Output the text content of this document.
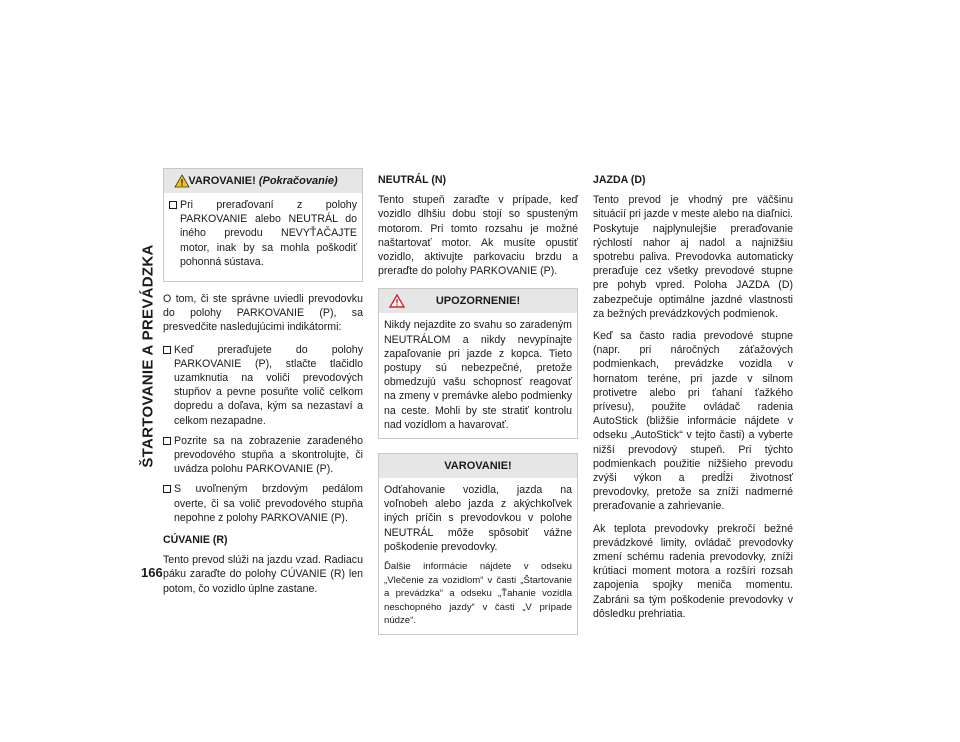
ŠTARTOVANIE A PREVÁDZKA
166
VAROVANIE!
(Pokračovanie)
Pri preraďovaní z polohy PARKOVANIE alebo NEUTRÁL do iného prevodu NEVYŤAČAJTE motor, inak by sa mohla poškodiť pohonná sústava.

O tom, či ste správne uviedli prevodovku do polohy PARKOVANIE (P), sa presvedčite nasledujúcimi indikátormi:

Keď preraďujete do polohy PARKOVANIE (P), stlačte tlačidlo uzamknutia na voliči prevodových stupňov a pevne posuňte volič celkom dopredu a doľava, kým sa nezastaví a celkom nezapadne.
Pozrite sa na zobrazenie zaradeného prevodového stupňa a skontrolujte, či uvádza polohu PARKOVANIE (P).
S uvoľneným brzdovým pedálom overte, či sa volič prevodového stupňa nepohne z polohy PARKOVANIE (P).
CÚVANIE (R)

Tento prevod slúži na jazdu vzad. Radiacu páku zaraďte do polohy CÚVANIE (R) len potom, čo vozidlo úplne zastane.

NEUTRÁL (N)

Tento stupeň zaraďte v prípade, keď vozidlo dlhšiu dobu stojí so spusteným motorom. Pri tomto rozsahu je možné naštartovať motor. Ak musíte opustiť vozidlo, aktivujte parkovaciu brzdu a preraďte do polohy PARKOVANIE (P).

UPOZORNENIE!

Nikdy nejazdite zo svahu so zaradeným NEUTRÁLOM a nikdy nevypínajte zapaľovanie pri jazde z kopca. Tieto postupy sú nebezpečné, pretože obmedzujú vašu schopnosť reagovať na zmeny v premávke alebo podmienky na ceste. Mohli by ste stratiť kontrolu nad vozidlom a havarovať.

VAROVANIE!

Odťahovanie vozidla, jazda na voľnobeh alebo jazda z akýchkoľvek iných príčin s prevodovkou v polohe NEUTRÁL môže spôsobiť vážne poškodenie prevodovky.

Ďalšie informácie nájdete v odseku „Vlečenie za vozidlom“ v časti „Štartovanie a prevádzka“ a odseku „Ťahanie vozidla neschopného jazdy“ v časti „V prípade núdze“.

JAZDA (D)

Tento prevod je vhodný pre väčšinu situácií pri jazde v meste alebo na diaľnici. Poskytuje najplynulejšie preraďovanie rýchlostí nahor aj nadol a najnižšiu spotrebu paliva. Prevodovka automaticky preraďuje cez všetky prevodové stupne pre pohyb vpred. Poloha JAZDA (D) zabezpečuje optimálne jazdné vlastnosti za bežných prevádzkových podmienok.

Keď sa často radia prevodové stupne (napr. pri náročných záťažových podmienkach, prevádzke vozidla v hornatom teréne, pri jazde v silnom protivetre alebo pri ťahaní ťažkého prívesu), použite ovládač radenia AutoStick (bližšie informácie nájdete v odseku „AutoStick“ v tejto časti) a vyberte nižší prevodový stupeň. Pri týchto podmienkach použitie nižšieho prevodu zvýši výkon a predĺži životnosť prevodovky, pretože sa zníži nadmerné preraďovanie a zahrievanie.

Ak teplota prevodovky prekročí bežné prevádzkové limity, ovládač prevodovky zmení schému radenia prevodovky, zníži krútiaci moment motora a rozšíri rozsah zapojenia spojky meniča momentu. Zabráni sa tým poškodenie prevodovky v dôsledku prehriatia.
